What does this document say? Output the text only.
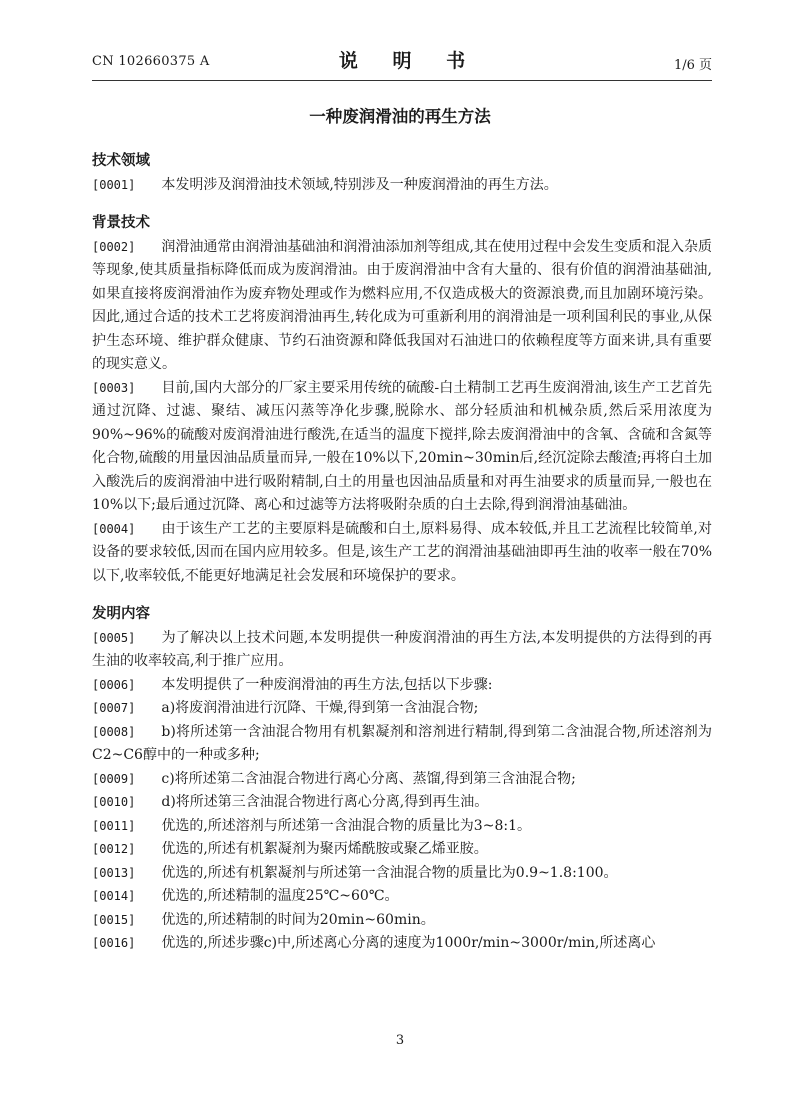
CN 102660375 A	说 明 书	1/6 页
一种废润滑油的再生方法
技术领域
[0001] 本发明涉及润滑油技术领域,特别涉及一种废润滑油的再生方法。
背景技术
[0002] 润滑油通常由润滑油基础油和润滑油添加剂等组成,其在使用过程中会发生变质和混入杂质等现象,使其质量指标降低而成为废润滑油。由于废润滑油中含有大量的、很有价值的润滑油基础油,如果直接将废润滑油作为废弃物处理或作为燃料应用,不仅造成极大的资源浪费,而且加剧环境污染。因此,通过合适的技术工艺将废润滑油再生,转化成为可重新利用的润滑油是一项利国利民的事业,从保护生态环境、维护群众健康、节约石油资源和降低我国对石油进口的依赖程度等方面来讲,具有重要的现实意义。
[0003] 目前,国内大部分的厂家主要采用传统的硫酸-白土精制工艺再生废润滑油,该生产工艺首先通过沉降、过滤、聚结、减压闪蒸等净化步骤,脱除水、部分轻质油和机械杂质,然后采用浓度为90%~96%的硫酸对废润滑油进行酸洗,在适当的温度下搅拌,除去废润滑油中的含氧、含硫和含氮等化合物,硫酸的用量因油品质量而异,一般在10%以下,20min~30min后,经沉淀除去酸渣;再将白土加入酸洗后的废润滑油中进行吸附精制,白土的用量也因油品质量和对再生油要求的质量而异,一般也在10%以下;最后通过沉降、离心和过滤等方法将吸附杂质的白土去除,得到润滑油基础油。
[0004] 由于该生产工艺的主要原料是硫酸和白土,原料易得、成本较低,并且工艺流程比较简单,对设备的要求较低,因而在国内应用较多。但是,该生产工艺的润滑油基础油即再生油的收率一般在70%以下,收率较低,不能更好地满足社会发展和环境保护的要求。
发明内容
[0005] 为了解决以上技术问题,本发明提供一种废润滑油的再生方法,本发明提供的方法得到的再生油的收率较高,利于推广应用。
[0006] 本发明提供了一种废润滑油的再生方法,包括以下步骤:
[0007] a)将废润滑油进行沉降、干燥,得到第一含油混合物;
[0008] b)将所述第一含油混合物用有机絮凝剂和溶剂进行精制,得到第二含油混合物,所述溶剂为C2~C6醇中的一种或多种;
[0009] c)将所述第二含油混合物进行离心分离、蒸馏,得到第三含油混合物;
[0010] d)将所述第三含油混合物进行离心分离,得到再生油。
[0011] 优选的,所述溶剂与所述第一含油混合物的质量比为3~8:1。
[0012] 优选的,所述有机絮凝剂为聚丙烯酰胺或聚乙烯亚胺。
[0013] 优选的,所述有机絮凝剂与所述第一含油混合物的质量比为0.9~1.8:100。
[0014] 优选的,所述精制的温度25℃~60℃。
[0015] 优选的,所述精制的时间为20min~60min。
[0016] 优选的,所述步骤c)中,所述离心分离的速度为1000r/min~3000r/min,所述离心
3
